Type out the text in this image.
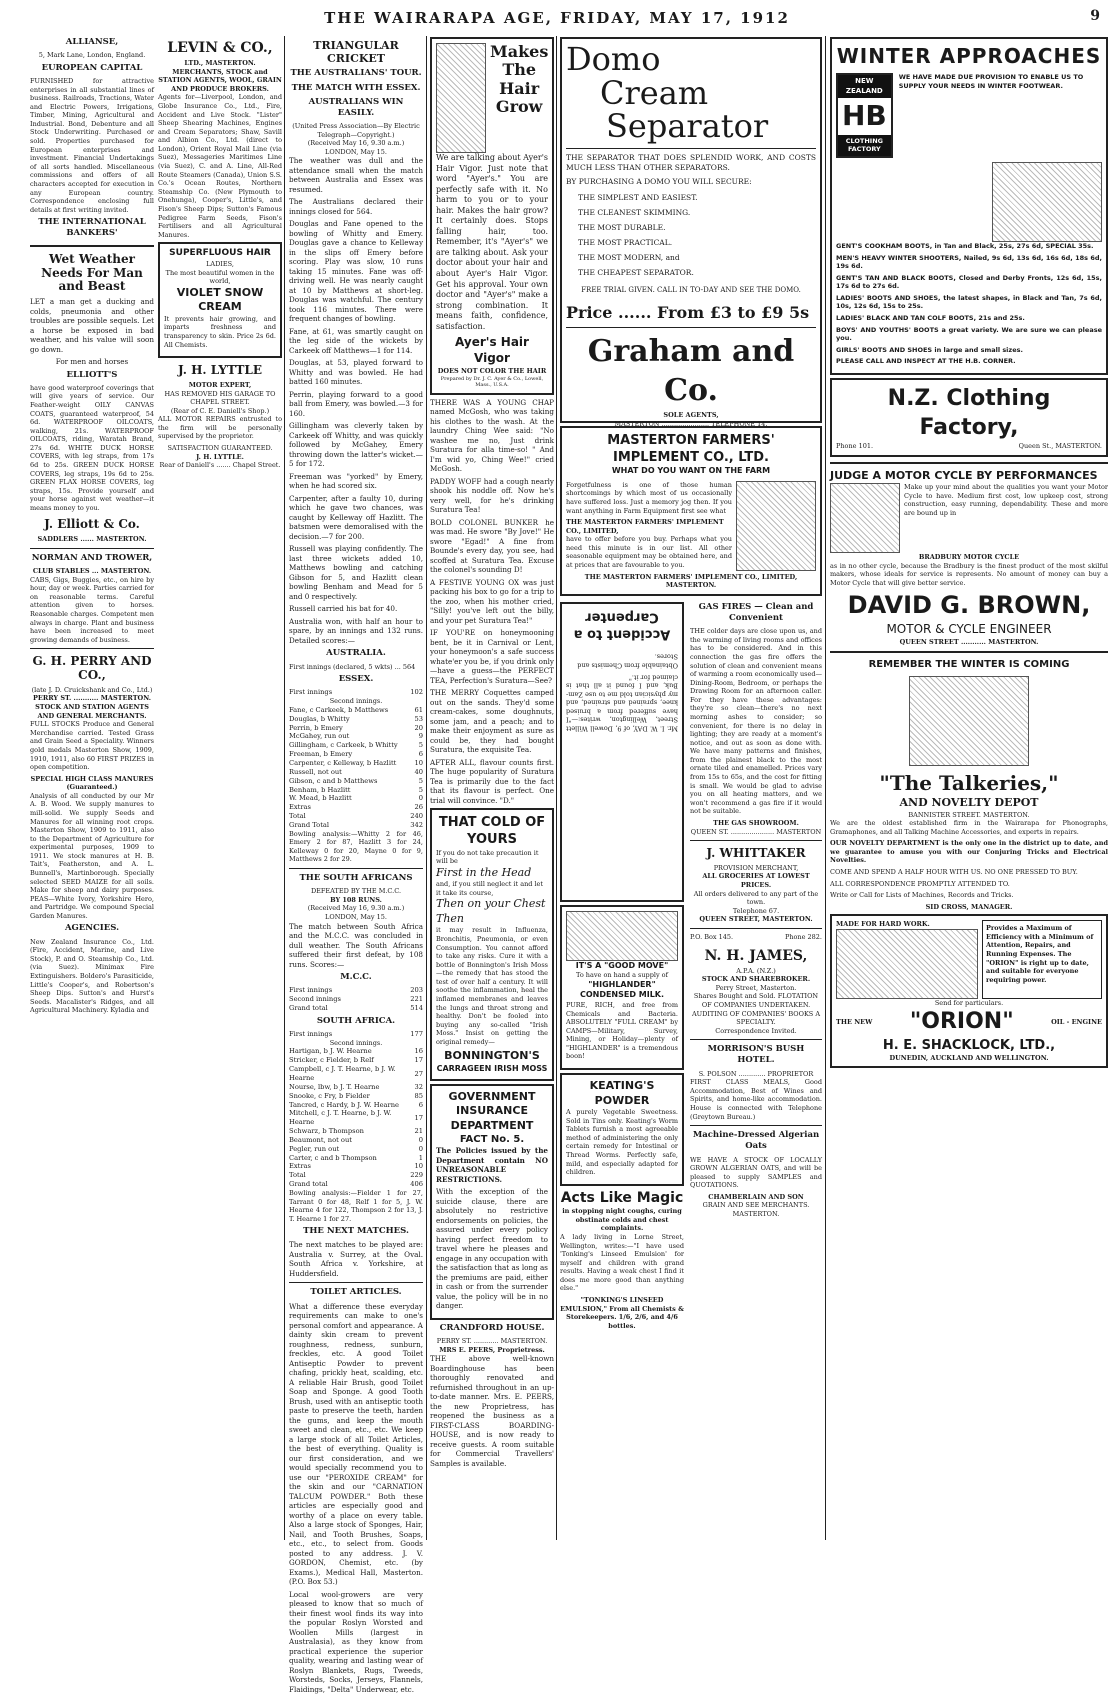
THE WAIRARAPA AGE, FRIDAY, MAY 17, 1912	9
ALLIANSE,
5, Mark Lane, London, England.
EUROPEAN CAPITAL

FURNISHED for attractive enterprises in all substantial lines of business. Railroads, Tractions, Water and Electric Powers, Irrigations, Timber, Mining, Agricultural and Industrial. Bond, Debenture and all Stock Underwriting. Purchased or sold. Properties purchased for European enterprises and investment. Financial Undertakings of all sorts handled. Miscellaneous commissions and offers of all characters accepted for execution in any European country. Correspondence enclosing full details at first writing invited.

THE INTERNATIONAL BANKERS'
Wet Weather Needs For Man and Beast

LET a man get a ducking and colds, pneumonia and other troubles are possible sequels. Let a horse be exposed in bad weather, and his value will soon go down.

For men and horses
ELLIOTT'S

have good waterproof coverings that will give years of service. Our Feather-weight OILY CANVAS COATS, guaranteed waterproof, 54 6d. WATERPROOF OILCOATS, walking, 21s. WATERPROOF OILCOATS, riding, Waratah Brand, 27s 6d. WHITE DUCK HORSE COVERS, with leg straps, from 17s 6d to 25s. GREEN DUCK HORSE COVERS, leg straps, 19s 6d to 25s. GREEN FLAX HORSE COVERS, leg straps, 15s. Provide yourself and your horse against wet weather—it means money to you.

J. Elliott & Co.
SADDLERS ...... MASTERTON.
NORMAN AND TROWER,
CLUB STABLES ... MASTERTON.

CABS, Gigs, Buggies, etc., on hire by hour, day or week. Parties carried for on reasonable terms. Careful attention given to horses. Reasonable charges. Competent men always in charge. Plant and business have been increased to meet growing demands of business.

G. H. PERRY AND CO.,
(late J. D. Cruickshank and Co., Ltd.)
PERRY ST. ........... MASTERTON.
STOCK AND STATION AGENTS AND GENERAL MERCHANTS.

FULL STOCKS Produce and General Merchandise carried. Tested Grass and Grain Seed a Speciality. Winners gold medals Masterton Show, 1909, 1910, 1911, also 60 FIRST PRIZES in open competition.

SPECIAL HIGH CLASS MANURES (Guaranteed.)

Analysis of all conducted by our Mr A. B. Wood. We supply manures to mill-solid. We supply Seeds and Manures for all winning root crops. Masterton Show, 1909 to 1911, also to the Department of Agriculture for experimental purposes, 1909 to 1911. We stock manures at H. B. Tait's, Featherston, and A. L. Bunnell's, Martinborough. Specially selected SEED MAIZE for all soils. Make for sheep and dairy purposes. PEAS—White Ivory, Yorkshire Hero, and Partridge. We compound Special Garden Manures.

AGENCIES.

New Zealand Insurance Co., Ltd. (Fire, Accident, Marine, and Live Stock), P. and O. Steamship Co., Ltd. (via Suez). Minimax Fire Extinguishers. Boldero's Parasiticide, Little's Cooper's, and Robertson's Sheep Dips. Sutton's and Hurst's Seeds. Macalister's Ridges, and all Agricultural Machinery. Kyladia and

LEVIN & CO.,
LTD., MASTERTON.
MERCHANTS, STOCK and STATION AGENTS, WOOL, GRAIN AND PRODUCE BROKERS.

Agents for—Liverpool, London, and Globe Insurance Co., Ltd., Fire, Accident and Live Stock. "Lister" Sheep Shearing Machines, Engines and Cream Separators; Shaw, Savill and Albion Co., Ltd. (direct to London), Orient Royal Mail Line (via Suez), Messageries Maritimes Line (via Suez), C. and A. Line, All-Red Route Steamers (Canada), Union S.S. Co.'s Ocean Routes, Northern Steamship Co. (New Plymouth to Onehunga), Cooper's, Little's, and Fison's Sheep Dips; Sutton's Famous Pedigree Farm Seeds, Fison's Fertilisers and all Agricultural Manures.

SUPERFLUOUS HAIR
LADIES,
The most beautiful women in the world,
VIOLET SNOW CREAM

It prevents hair growing, and imparts freshness and transparency to skin. Price 2s 6d. All Chemists.

J. H. LYTTLE
MOTOR EXPERT,
HAS REMOVED HIS GARAGE TO CHAPEL STREET.
(Rear of C. E. Daniell's Shop.)

ALL MOTOR REPAIRS entrusted to the firm will be personally supervised by the proprietor.

SATISFACTION GUARANTEED.
J. H. LYTTLE.
Rear of Daniell's ....... Chapel Street.
TRIANGULAR CRICKET
THE AUSTRALIANS' TOUR.
THE MATCH WITH ESSEX.
AUSTRALIANS WIN EASILY.
(United Press Association—By Electric Telegraph—Copyright.)
(Received May 16, 9.30 a.m.)
LONDON, May 15.

The weather was dull and the attendance small when the match between Australia and Essex was resumed.

The Australians declared their innings closed for 564.

Douglas and Fane opened to the bowling of Whitty and Emery. Douglas gave a chance to Kelleway in the slips off Emery before scoring. Play was slow, 10 runs taking 15 minutes. Fane was off-driving well. He was nearly caught at 10 by Matthews at short-leg. Douglas was watchful. The century took 116 minutes. There were frequent changes of bowling.

Fane, at 61, was smartly caught on the leg side of the wickets by Carkeek off Matthews—1 for 114.

Douglas, at 53, played forward to Whitty and was bowled. He had batted 160 minutes.

Perrin, playing forward to a good ball from Emery, was bowled.—3 for 160.

Gillingham was cleverly taken by Carkeek off Whitty, and was quickly followed by McGahey, Emery throwing down the latter's wicket.—5 for 172.

Freeman was "yorked" by Emery, when he had scored six.

Carpenter, after a faulty 10, during which he gave two chances, was caught by Kelleway off Hazlitt. The batsmen were demoralised with the decision.—7 for 200.

Russell was playing confidently. The last three wickets added 10, Matthews bowling and catching Gibson for 5, and Hazlitt clean bowling Benham and Mead for 5 and 0 respectively.

Russell carried his bat for 40.

Australia won, with half an hour to spare, by an innings and 132 runs. Detailed scores:—

AUSTRALIA.
First innings (declared, 5 wkts) ... 564
ESSEX.
First innings	102
Second innings.
Fane, c Carkeek, b Matthews	61
Douglas, b Whitty	53
Perrin, b Emery	20
McGahey, run out	9
Gillingham, c Carkeek, b Whitty	5
Freeman, b Emery	6
Carpenter, c Kelleway, b Hazlitt	10
Russell, not out	40
Gibson, c and b Matthews	5
Benham, b Hazlitt	5
W. Mead, b Hazlitt	0
Extras	26
Total	240
Grand Total	342

Bowling analysis:—Whitty 2 for 46, Emery 2 for 87, Hazlitt 3 for 24, Kelleway 0 for 20, Mayne 0 for 9, Matthews 2 for 29.

THE SOUTH AFRICANS
DEFEATED BY THE M.C.C.
BY 108 RUNS.
(Received May 16, 9.30 a.m.)
LONDON, May 15.

The match between South Africa and the M.C.C. was concluded in dull weather. The South Africans suffered their first defeat, by 108 runs. Scores:—

M.C.C.
First innings	203
Second innings	221
Grand total	514
SOUTH AFRICA.
First innings	177
Second innings.
Hartigan, b J. W. Hearne	16
Stricker, c Fielder, b Relf	17
Campbell, c J. T. Hearne, b J. W. Hearne	27
Nourse, lbw, b J. T. Hearne	32
Snooke, c Fry, b Fielder	85
Tancred, c Hardy, b J. W. Hearne	6
Mitchell, c J. T. Hearne, b J. W. Hearne	17
Schwarz, b Thompson	21
Beaumont, not out	0
Pegler, run out	0
Carter, c and b Thompson	1
Extras	10
Total	229
Grand total	406

Bowling analysis:—Fielder 1 for 27, Tarrant 0 for 48, Relf 1 for 5, J. W. Hearne 4 for 122, Thompson 2 for 13, J. T. Hearne 1 for 27.

THE NEXT MATCHES.

The next matches to be played are: Australia v. Surrey, at the Oval. South Africa v. Yorkshire, at Huddersfield.

TOILET ARTICLES.

What a difference these everyday requirements can make to one's personal comfort and appearance. A dainty skin cream to prevent roughness, redness, sunburn, freckles, etc. A good Toilet Antiseptic Powder to prevent chafing, prickly heat, scalding, etc. A reliable Hair Brush, good Toilet Soap and Sponge. A good Tooth Brush, used with an antiseptic tooth paste to preserve the teeth, harden the gums, and keep the mouth sweet and clean, etc., etc. We keep a large stock of all Toilet Articles, the best of everything. Quality is our first consideration, and we would specially recommend you to use our "PEROXIDE CREAM" for the skin and our "CARNATION TALCUM POWDER." Both these articles are especially good and worthy of a place on every table. Also a large stock of Sponges, Hair, Nail, and Tooth Brushes, Soaps, etc., etc., to select from. Goods posted to any address. J. V. GORDON, Chemist, etc. (by Exams.), Medical Hall, Masterton. (P.O. Box 53.)

Local wool-growers are very pleased to know that so much of their finest wool finds its way into the popular Roslyn Worsted and Woollen Mills (largest in Australasia), as they know from practical experience the superior quality, wearing and lasting wear of Roslyn Blankets, Rugs, Tweeds, Worsteds, Socks, Jerseys, Flannels, Flaidings, "Delta" Underwear, etc.

Makes The Hair Grow

We are talking about Ayer's Hair Vigor. Just note that word "Ayer's." You are perfectly safe with it. No harm to you or to your hair. Makes the hair grow? It certainly does. Stops falling hair, too. Remember, it's "Ayer's" we are talking about. Ask your doctor about your hair and about Ayer's Hair Vigor. Get his approval. Your own doctor and "Ayer's" make a strong combination. It means faith, confidence, satisfaction.

Ayer's Hair Vigor
DOES NOT COLOR THE HAIR
Prepared by Dr. J. C. Ayer & Co., Lowell, Mass., U.S.A.

THERE WAS A YOUNG CHAP named McGosh, who was taking his clothes to the wash. At the laundry Ching Wee said: "No washee me no, Just drink Suratura for alla time-so! " And I'm wid yo, Ching Wee!" cried McGosh.

PADDY WOFF had a cough nearly shook his noddle off. Now he's very well, for he's drinking Suratura Tea!

BOLD COLONEL BUNKER he was mad. He swore "By Jove!" He swore "Egad!" A fine from Bounde's every day, you see, had scoffed at Suratura Tea. Excuse the colonel's sounding D!

A FESTIVE YOUNG OX was just packing his box to go for a trip to the zoo, when his mother cried, "Silly! you've left out the billy, and your pet Suratura Tea!"

IF YOU'RE on honeymooning bent, be it in Carnival or Lent, your honeymoon's a safe success whate'er you be, if you drink only—have a guess—the PERFECT TEA, Perfection's Suratura—See?

THE MERRY Coquettes camped out on the sands. They'd some cream-cakes, some doughnuts, some jam, and a peach; and to make their enjoyment as sure as could be, they had bought Suratura, the exquisite Tea.

AFTER ALL, flavour counts first. The huge popularity of Suratura Tea is primarily due to the fact that its flavour is perfect. One trial will convince. "D."

THAT COLD OF YOURS
If you do not take precaution it will be
First in the Head
and, if you still neglect it and let it take its course,
Then on your Chest
Then

it may result in Influenza, Bronchitis, Pneumonia, or even Consumption. You cannot afford to take any risks. Cure it with a bottle of Bonnington's Irish Moss—the remedy that has stood the test of over half a century. It will soothe the inflammation, heal the inflamed membranes and leaves the lungs and throat strong and healthy. Don't be fooled into buying any so-called "Irish Moss." Insist on getting the original remedy—

BONNINGTON'S
CARRAGEEN IRISH MOSS
GOVERNMENT INSURANCE DEPARTMENT
FACT No. 5.

The Policies issued by the Department contain NO UNREASONABLE RESTRICTIONS.

With the exception of the suicide clause, there are absolutely no restrictive endorsements on policies, the assured under every policy having perfect freedom to travel where he pleases and engage in any occupation with the satisfaction that as long as the premiums are paid, either in cash or from the surrender value, the policy will be in no danger.

CRANDFORD HOUSE.
PERRY ST. ............ MASTERTON.
MRS E. PEERS, Proprietress.

THE above well-known Boardinghouse has been thoroughly renovated and refurnished throughout in an up-to-date manner. Mrs. E. PEERS, the new Proprietress, has reopened the business as a FIRST-CLASS BOARDING-HOUSE, and is now ready to receive guests. A room suitable for Commercial Travellers' Samples is available.

Domo
Cream
Separator

THE SEPARATOR THAT DOES SPLENDID WORK, AND COSTS MUCH LESS THAN OTHER SEPARATORS.

BY PURCHASING A DOMO YOU WILL SECURE:
THE SIMPLEST AND EASIEST.
THE CLEANEST SKIMMING.
THE MOST DURABLE.
THE MOST PRACTICAL.
THE MOST MODERN, and
THE CHEAPEST SEPARATOR.
FREE TRIAL GIVEN. CALL IN TO-DAY AND SEE THE DOMO.
Price ...... From £3 to £9 5s
Graham and Co.
SOLE AGENTS,
MASTERTON ....................... TELEPHONE 14.
MASTERTON FARMERS' IMPLEMENT CO., LTD.
WHAT DO YOU WANT ON THE FARM

Forgetfulness is one of those human shortcomings by which most of us occasionally have suffered loss. Just a memory jog then. If you want anything in Farm Equipment first see what

THE MASTERTON FARMERS' IMPLEMENT CO., LIMITED,

have to offer before you buy. Perhaps what you need this minute is in our list. All other seasonable equipment may be obtained here, and at prices that are favourable to you.

THE MASTERTON FARMERS' IMPLEMENT CO., LIMITED, MASTERTON.

Mr. I. W. DAY, of 9, Dowell Willett Street, Wellington, writes:—"I have suffered from a bruised knee, sprained and strained, and my physician told me to use Zam-Buk, and I found it all that is claimed for it."

Obtainable from Chemists and Stores.
Accident to a Carpenter
IT'S A "GOOD MOVE"
To have on hand a supply of
"HIGHLANDER" CONDENSED MILK.

PURE, RICH, and free from Chemicals and Bacteria. ABSOLUTELY "FULL CREAM" by CAMPS—Military, Survey, Mining, or Holiday—plenty of "HIGHLANDER" is a tremendous boon!

KEATING'S POWDER

A purely Vegetable Sweetness. Sold in Tins only. Keating's Worm Tablets furnish a most agreeable method of administering the only certain remedy for Intestinal or Thread Worms. Perfectly safe, mild, and especially adapted for children.

Acts Like Magic
in stopping night coughs, curing obstinate colds and chest complaints.

A lady living in Lorne Street, Wellington, writes:—"I have used 'Tonking's Linseed Emulsion' for myself and children with grand results. Having a weak chest I find it does me more good than anything else."

"TONKING'S LINSEED EMULSION," From all Chemists & Storekeepers. 1/6, 2/6, and 4/6 bottles.
GAS FIRES — Clean and Convenient

THE colder days are close upon us, and the warming of living rooms and offices has to be considered. And in this connection the gas fire offers the solution of clean and convenient means of warming a room economically used—Dining-Room, Bedroom, or perhaps the Drawing Room for an afternoon caller. For they have these advantages: they're so clean—there's no next morning ashes to consider; so convenient, for there is no delay in lighting; they are ready at a moment's notice, and out as soon as done with. We have many patterns and finishes, from the plainest black to the most ornate tiled and enamelled. Prices vary from 15s to 65s, and the cost for fitting is small. We would be glad to advise you on all heating matters, and we won't recommend a gas fire if it would not be suitable.

THE GAS SHOWROOM.
QUEEN ST. ..................... MASTERTON
J. WHITTAKER
PROVISION MERCHANT,
ALL GROCERIES AT LOWEST PRICES.
All orders delivered to any part of the town.
Telephone 67.
QUEEN STREET, MASTERTON.
P.O. Box 145.	Phone 282.
N. H. JAMES,
A.P.A. (N.Z.)
STOCK AND SHAREBROKER.
Perry Street, Masterton.
Shares Bought and Sold. FLOTATION OF COMPANIES UNDERTAKEN.
AUDITING OF COMPANIES' BOOKS A SPECIALTY.
Correspondence Invited.
MORRISON'S BUSH HOTEL.
S. POLSON ............. PROPRIETOR

FIRST CLASS MEALS, Good Accommodation, Best of Wines and Spirits, and home-like accommodation. House is connected with Telephone (Greytown Bureau.)

Machine-Dressed Algerian Oats

WE HAVE A STOCK OF LOCALLY GROWN ALGERIAN OATS, and will be pleased to supply SAMPLES and QUOTATIONS.

CHAMBERLAIN AND SON
GRAIN AND SEE MERCHANTS.
MASTERTON.
WINTER APPROACHES
NEW ZEALAND
HB
CLOTHING FACTORY
WE HAVE MADE DUE PROVISION TO ENABLE US TO SUPPLY YOUR NEEDS IN WINTER FOOTWEAR.

GENT'S COOKHAM BOOTS, in Tan and Black, 25s, 27s 6d, SPECIAL 35s.

MEN'S HEAVY WINTER SHOOTERS, Nailed, 9s 6d, 13s 6d, 16s 6d, 18s 6d, 19s 6d.

GENT'S TAN AND BLACK BOOTS, Closed and Derby Fronts, 12s 6d, 15s, 17s 6d to 27s 6d.

LADIES' BOOTS AND SHOES, the latest shapes, in Black and Tan, 7s 6d, 10s, 12s 6d, 15s to 25s.

LADIES' BLACK AND TAN COLF BOOTS, 21s and 25s.

BOYS' AND YOUTHS' BOOTS a great variety. We are sure we can please you.

GIRLS' BOOTS AND SHOES in large and small sizes.

PLEASE CALL AND INSPECT AT THE H.B. CORNER.

N.Z. Clothing Factory,
Phone 101.	Queen St., MASTERTON.
JUDGE A MOTOR CYCLE BY PERFORMANCES

Make up your mind about the qualities you want your Motor Cycle to have. Medium first cost, low upkeep cost, strong construction, easy running, dependability. These and more are bound up in

BRADBURY MOTOR CYCLE

as in no other cycle, because the Bradbury is the finest product of the most skilful makers, whose ideals for service is represents. No amount of money can buy a Motor Cycle that will give better service.

DAVID G. BROWN,
MOTOR & CYCLE ENGINEER
QUEEN STREET ........... MASTERTON.
REMEMBER THE WINTER IS COMING
"The Talkeries,"
AND NOVELTY DEPOT
BANNISTER STREET. MASTERTON.

We are the oldest established firm in the Wairarapa for Phonographs, Gramaphones, and all Talking Machine Accessories, and experts in repairs.

OUR NOVELTY DEPARTMENT is the only one in the district up to date, and we guarantee to amuse you with our Conjuring Tricks and Electrical Novelties.

COME AND SPEND A HALF HOUR WITH US. NO ONE PRESSED TO BUY.

ALL CORRESPONDENCE PROMPTLY ATTENDED TO.

Write or Call for Lists of Machines, Records and Tricks.

SID CROSS, MANAGER.
MADE FOR HARD WORK.	Provides a Maximum of Efficiency with a Minimum of Attention, Repairs, and Running Expenses. The "ORION" is right up to date, and suitable for everyone requiring power.
Send for particulars.
THE NEW "ORION"	OIL - ENGINE
H. E. SHACKLOCK, LTD.,
DUNEDIN, AUCKLAND AND WELLINGTON.
